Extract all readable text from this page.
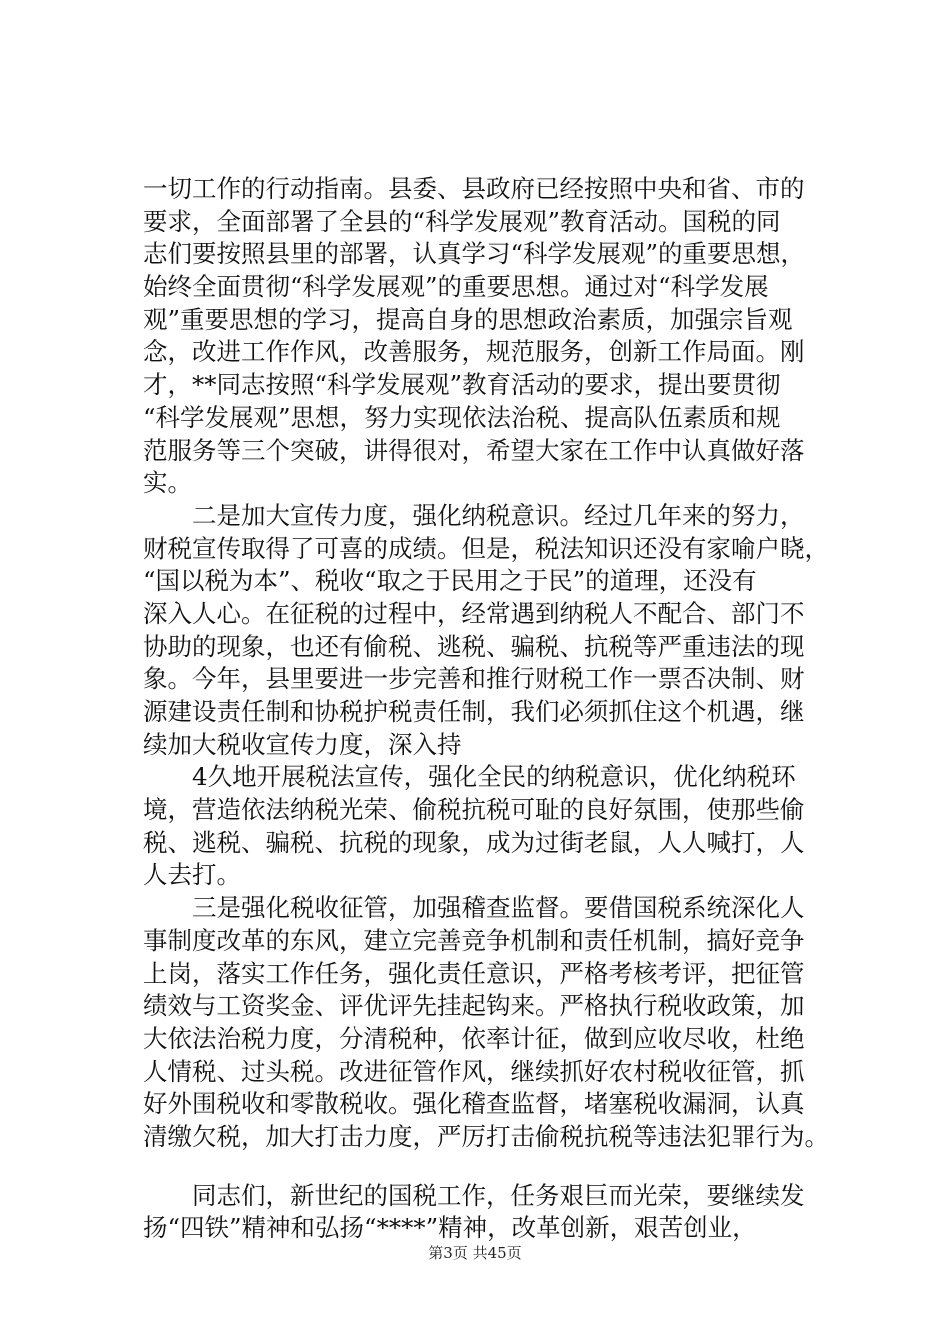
一切工作的行动指南。县委、县政府已经按照中央和省、市的
要求，全面部署了全县的“科学发展观”教育活动。国税的同
志们要按照县里的部署，认真学习“科学发展观”的重要思想，
始终全面贯彻“科学发展观”的重要思想。通过对“科学发展
观”重要思想的学习，提高自身的思想政治素质，加强宗旨观
念，改进工作作风，改善服务，规范服务，创新工作局面。刚
才，**同志按照“科学发展观”教育活动的要求，提出要贯彻
“科学发展观”思想，努力实现依法治税、提高队伍素质和规
范服务等三个突破，讲得很对，希望大家在工作中认真做好落
实。
二是加大宣传力度，强化纳税意识。经过几年来的努力，
财税宣传取得了可喜的成绩。但是，税法知识还没有家喻户晓，
“国以税为本”、税收“取之于民用之于民”的道理，还没有
深入人心。在征税的过程中，经常遇到纳税人不配合、部门不
协助的现象，也还有偷税、逃税、骗税、抗税等严重违法的现
象。今年，县里要进一步完善和推行财税工作一票否决制、财
源建设责任制和协税护税责任制，我们必须抓住这个机遇，继
续加大税收宣传力度，深入持
4久地开展税法宣传，强化全民的纳税意识，优化纳税环
境，营造依法纳税光荣、偷税抗税可耻的良好氛围，使那些偷
税、逃税、骗税、抗税的现象，成为过街老鼠，人人喊打，人
人去打。
三是强化税收征管，加强稽查监督。要借国税系统深化人
事制度改革的东风，建立完善竞争机制和责任机制，搞好竞争
上岗，落实工作任务，强化责任意识，严格考核考评，把征管
绩效与工资奖金、评优评先挂起钩来。严格执行税收政策，加
大依法治税力度，分清税种，依率计征，做到应收尽收，杜绝
人情税、过头税。改进征管作风，继续抓好农村税收征管，抓
好外围税收和零散税收。强化稽查监督，堵塞税收漏洞，认真
清缴欠税，加大打击力度，严厉打击偷税抗税等违法犯罪行为。
同志们，新世纪的国税工作，任务艰巨而光荣，要继续发
扬“四铁”精神和弘扬“****”精神，改革创新，艰苦创业，
第3页 共45页
